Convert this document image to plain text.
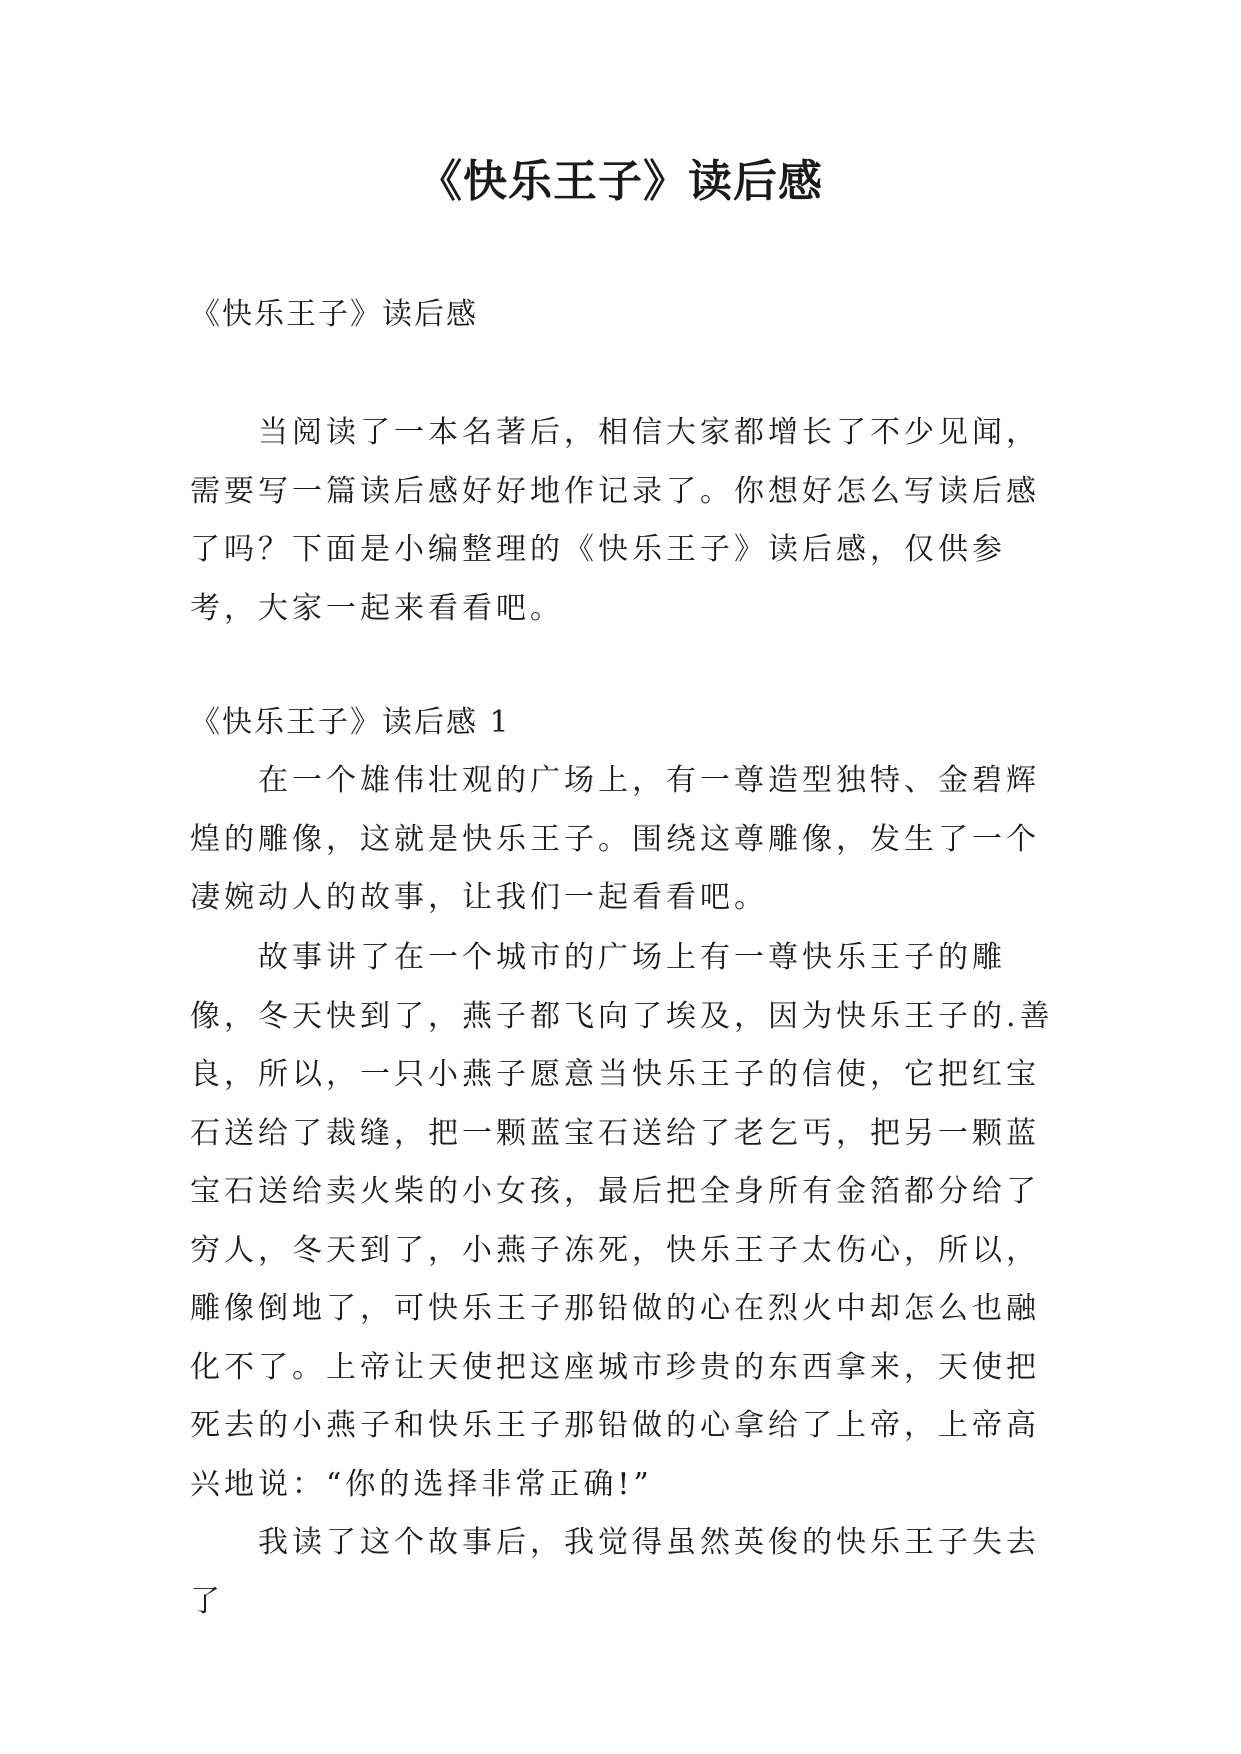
《快乐王子》读后感

《快乐王子》读后感

当阅读了一本名著后，相信大家都增长了不少见闻，需要写一篇读后感好好地作记录了。你想好怎么写读后感了吗？下面是小编整理的《快乐王子》读后感，仅供参考，大家一起来看看吧。

《快乐王子》读后感 1

在一个雄伟壮观的广场上，有一尊造型独特、金碧辉煌的雕像，这就是快乐王子。围绕这尊雕像，发生了一个凄婉动人的故事，让我们一起看看吧。

故事讲了在一个城市的广场上有一尊快乐王子的雕像，冬天快到了，燕子都飞向了埃及，因为快乐王子的.善良，所以，一只小燕子愿意当快乐王子的信使，它把红宝石送给了裁缝，把一颗蓝宝石送给了老乞丐，把另一颗蓝宝石送给卖火柴的小女孩，最后把全身所有金箔都分给了穷人，冬天到了，小燕子冻死，快乐王子太伤心，所以，雕像倒地了，可快乐王子那铅做的心在烈火中却怎么也融化不了。上帝让天使把这座城市珍贵的东西拿来，天使把死去的小燕子和快乐王子那铅做的心拿给了上帝，上帝高兴地说：“你的选择非常正确!”

我读了这个故事后，我觉得虽然英俊的快乐王子失去了
